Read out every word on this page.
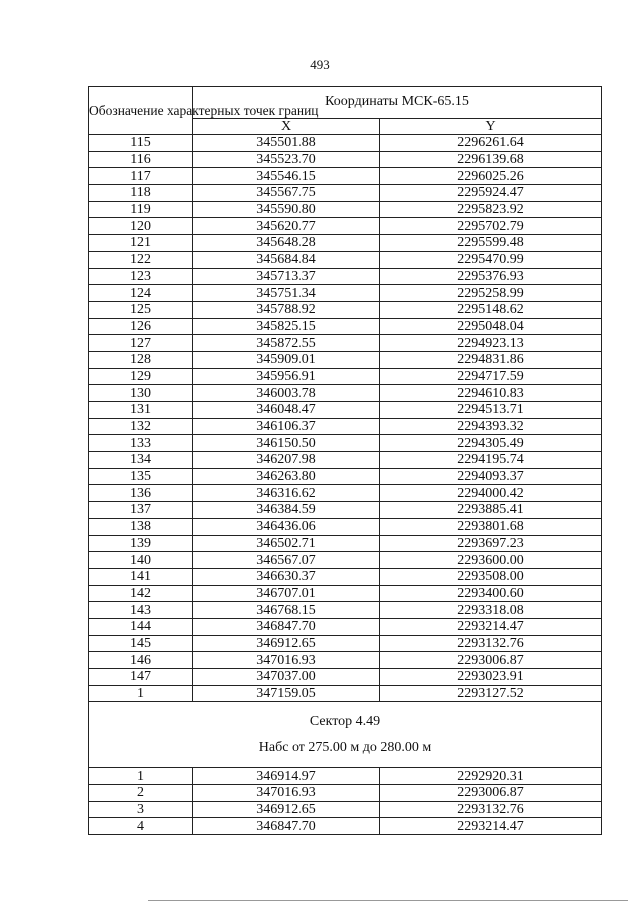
493
Обозначение характерных точек границ	Координаты МСК-65.15	
	X	Y
115	345501.88	2296261.64
116	345523.70	2296139.68
117	345546.15	2296025.26
118	345567.75	2295924.47
119	345590.80	2295823.92
120	345620.77	2295702.79
121	345648.28	2295599.48
122	345684.84	2295470.99
123	345713.37	2295376.93
124	345751.34	2295258.99
125	345788.92	2295148.62
126	345825.15	2295048.04
127	345872.55	2294923.13
128	345909.01	2294831.86
129	345956.91	2294717.59
130	346003.78	2294610.83
131	346048.47	2294513.71
132	346106.37	2294393.32
133	346150.50	2294305.49
134	346207.98	2294195.74
135	346263.80	2294093.37
136	346316.62	2294000.42
137	346384.59	2293885.41
138	346436.06	2293801.68
139	346502.71	2293697.23
140	346567.07	2293600.00
141	346630.37	2293508.00
142	346707.01	2293400.60
143	346768.15	2293318.08
144	346847.70	2293214.47
145	346912.65	2293132.76
146	347016.93	2293006.87
147	347037.00	2293023.91
1	347159.05	2293127.52

Сектор 4.49
Набс от 275.00 м до 280.00 м		

1	346914.97	2292920.31
2	347016.93	2293006.87
3	346912.65	2293132.76
4	346847.70	2293214.47
